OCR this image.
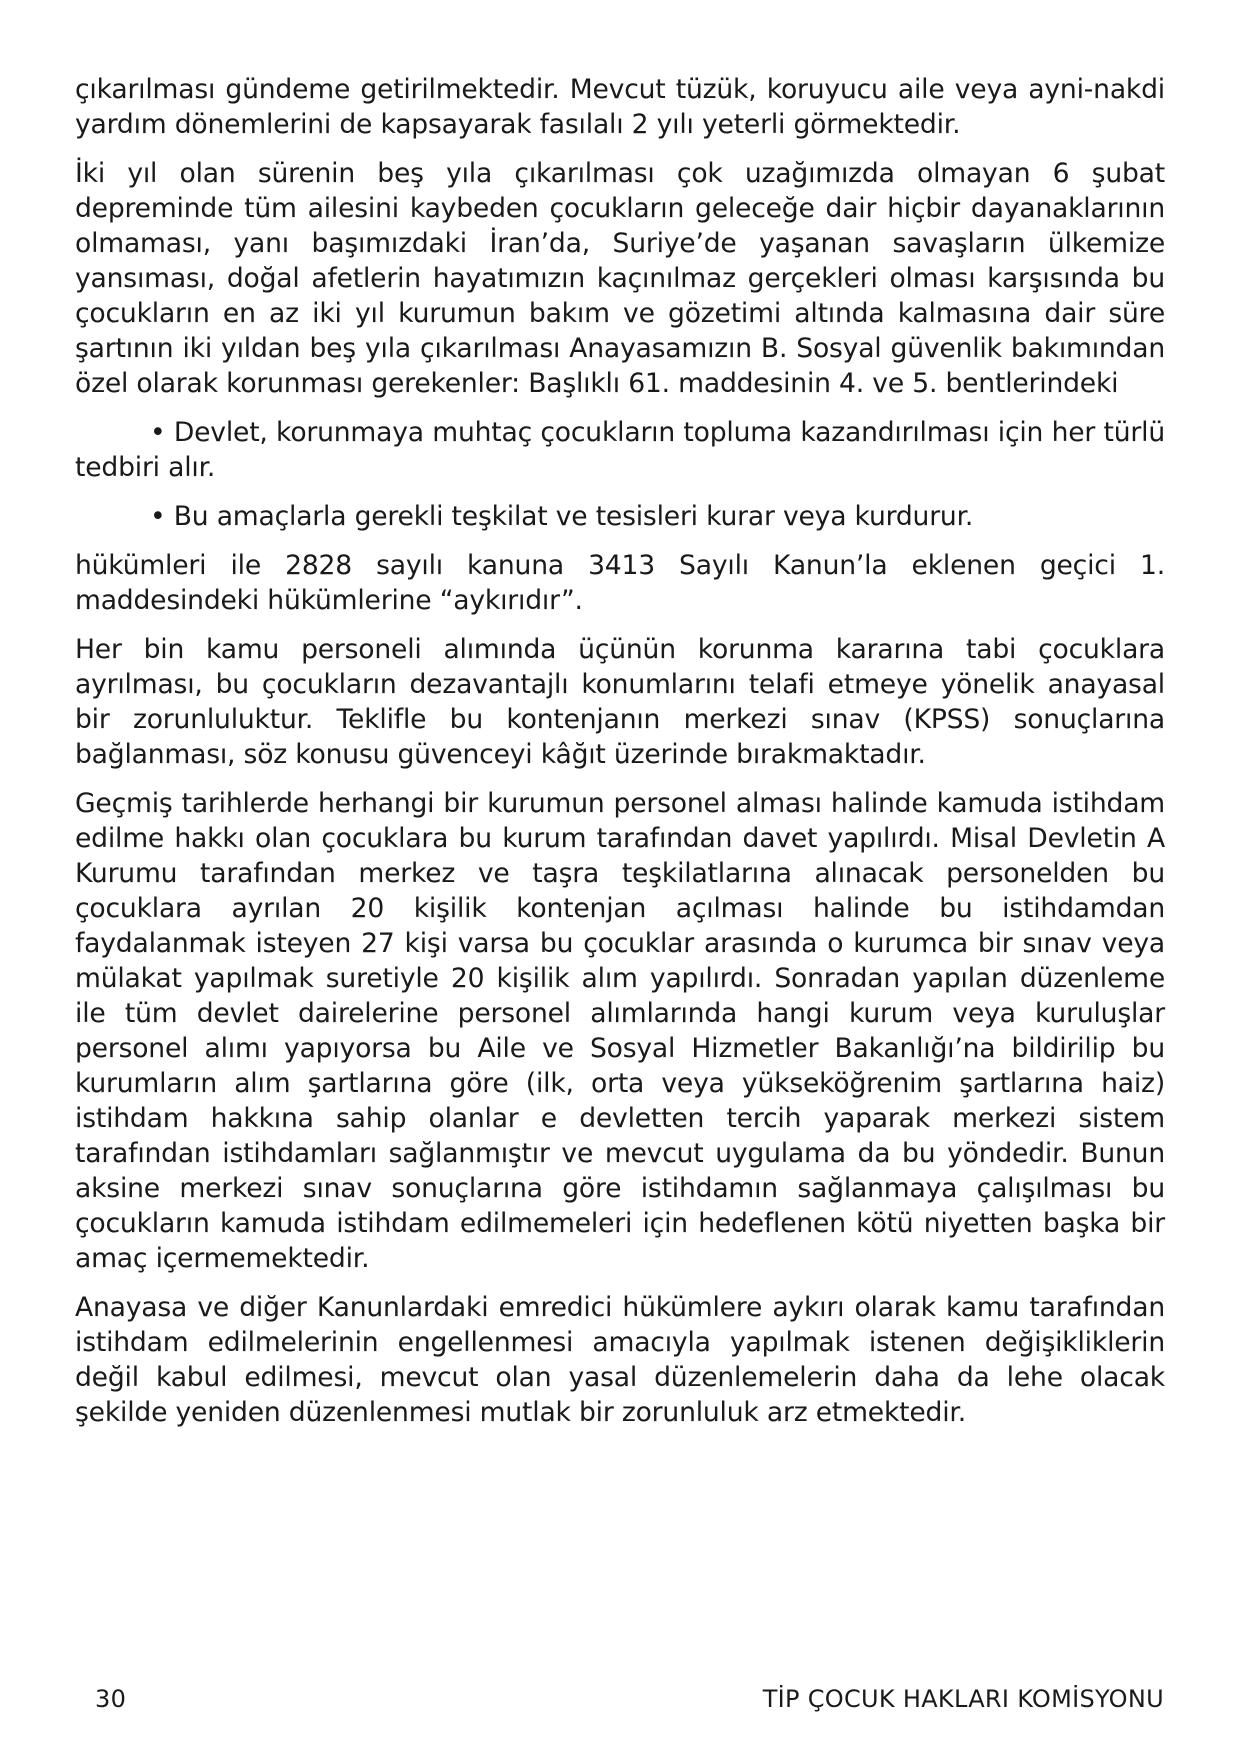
çıkarılması gündeme getirilmektedir. Mevcut tüzük, koruyucu aile veya ayni-nakdi yardım dönemlerini de kapsayarak fasılalı 2 yılı yeterli görmektedir.

İki yıl olan sürenin beş yıla çıkarılması çok uzağımızda olmayan 6 şubat depreminde tüm ailesini kaybeden çocukların geleceğe dair hiçbir dayanaklarının olmaması, yanı başımızdaki İran’da, Suriye’de yaşanan savaşların ülkemize yansıması, doğal afetlerin hayatımızın kaçınılmaz gerçekleri olması karşısında bu çocukların en az iki yıl kurumun bakım ve gözetimi altında kalmasına dair süre şartının iki yıldan beş yıla çıkarılması Anayasamızın B. Sosyal güvenlik bakımından özel olarak korunması gerekenler: Başlıklı 61. maddesinin 4. ve 5. bentlerindeki

• Devlet, korunmaya muhtaç çocukların topluma kazandırılması için her türlü tedbiri alır.

• Bu amaçlarla gerekli teşkilat ve tesisleri kurar veya kurdurur.

hükümleri ile 2828 sayılı kanuna 3413 Sayılı Kanun’la eklenen geçici 1. maddesindeki hükümlerine “aykırıdır”.

Her bin kamu personeli alımında üçünün korunma kararına tabi çocuklara ayrılması, bu çocukların dezavantajlı konumlarını telafi etmeye yönelik anayasal bir zorunluluktur. Teklifle bu kontenjanın merkezi sınav (KPSS) sonuçlarına bağlanması, söz konusu güvenceyi kâğıt üzerinde bırakmaktadır.

Geçmiş tarihlerde herhangi bir kurumun personel alması halinde kamuda istihdam edilme hakkı olan çocuklara bu kurum tarafından davet yapılırdı. Misal Devletin A Kurumu tarafından merkez ve taşra teşkilatlarına alınacak personelden bu çocuklara ayrılan 20 kişilik kontenjan açılması halinde bu istihdamdan faydalanmak isteyen 27 kişi varsa bu çocuklar arasında o kurumca bir sınav veya mülakat yapılmak suretiyle 20 kişilik alım yapılırdı. Sonradan yapılan düzenleme ile tüm devlet dairelerine personel alımlarında hangi kurum veya kuruluşlar personel alımı yapıyorsa bu Aile ve Sosyal Hizmetler Bakanlığı’na bildirilip bu kurumların alım şartlarına göre (ilk, orta veya yükseköğrenim şartlarına haiz) istihdam hakkına sahip olanlar e devletten tercih yaparak merkezi sistem tarafından istihdamları sağlanmıştır ve mevcut uygulama da bu yöndedir. Bunun aksine merkezi sınav sonuçlarına göre istihdamın sağlanmaya çalışılması bu çocukların kamuda istihdam edilmemeleri için hedeflenen kötü niyetten başka bir amaç içermemektedir.

Anayasa ve diğer Kanunlardaki emredici hükümlere aykırı olarak kamu tarafından istihdam edilmelerinin engellenmesi amacıyla yapılmak istenen değişikliklerin değil kabul edilmesi, mevcut olan yasal düzenlemelerin daha da lehe olacak şekilde yeniden düzenlenmesi mutlak bir zorunluluk arz etmektedir.

30	TİP ÇOCUK HAKLARI KOMİSYONU
